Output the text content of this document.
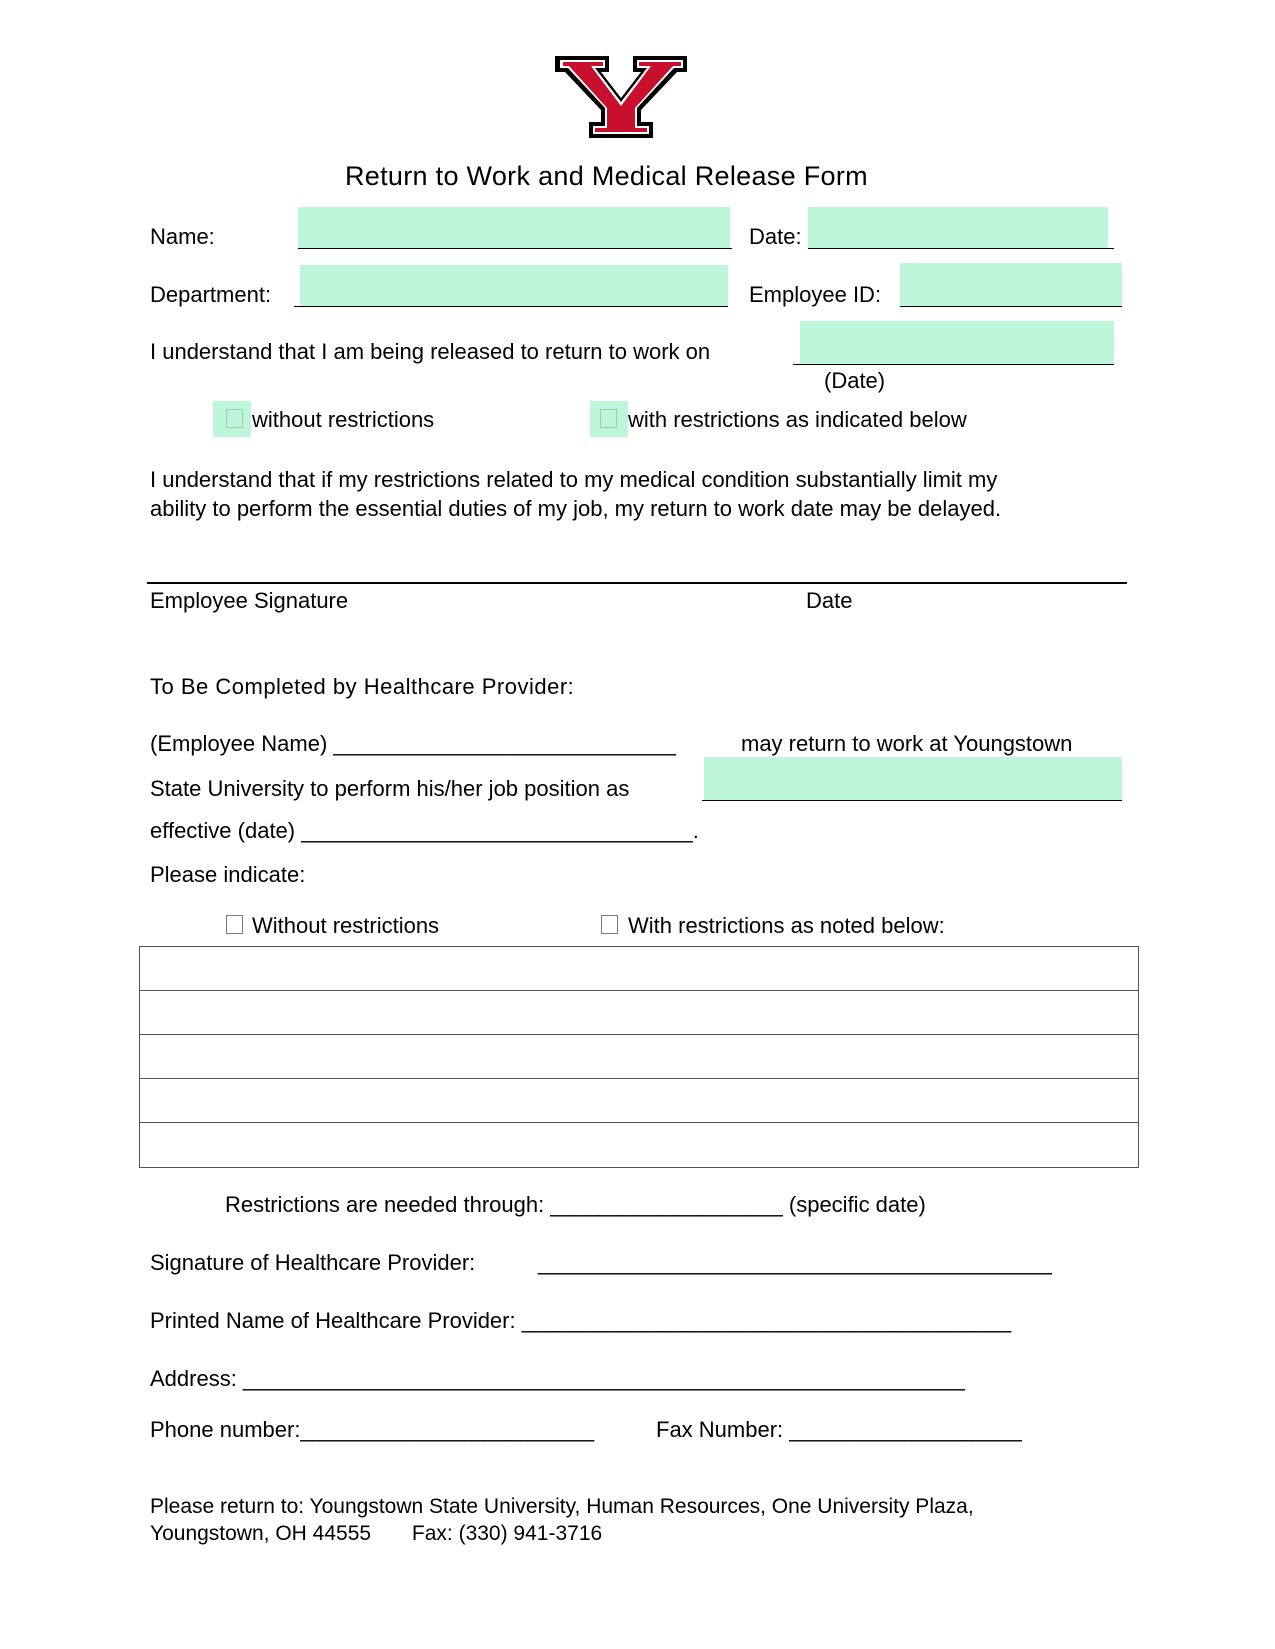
Return to Work and Medical Release Form
Name:	Date:
Department:	Employee ID:
I understand that I am being released to return to work on
(Date)
without restrictions	with restrictions as indicated below
I understand that if my restrictions related to my medical condition substantially limit my
ability to perform the essential duties of my job, my return to work date may be delayed.
Employee Signature	Date
To Be Completed by Healthcare Provider:
(Employee Name) ____________________________	may return to work at Youngstown
State University to perform his/her job position as
effective (date) ________________________________.
Please indicate:
Without restrictions	With restrictions as noted below:
Restrictions are needed through: ___________________ (specific date)
Signature of Healthcare Provider:	__________________________________________
Printed Name of Healthcare Provider: ________________________________________
Address: ___________________________________________________________
Phone number:________________________	Fax Number: ___________________
Please return to: Youngstown State University, Human Resources, One University Plaza,
Youngstown, OH 44555       Fax: (330) 941-3716
